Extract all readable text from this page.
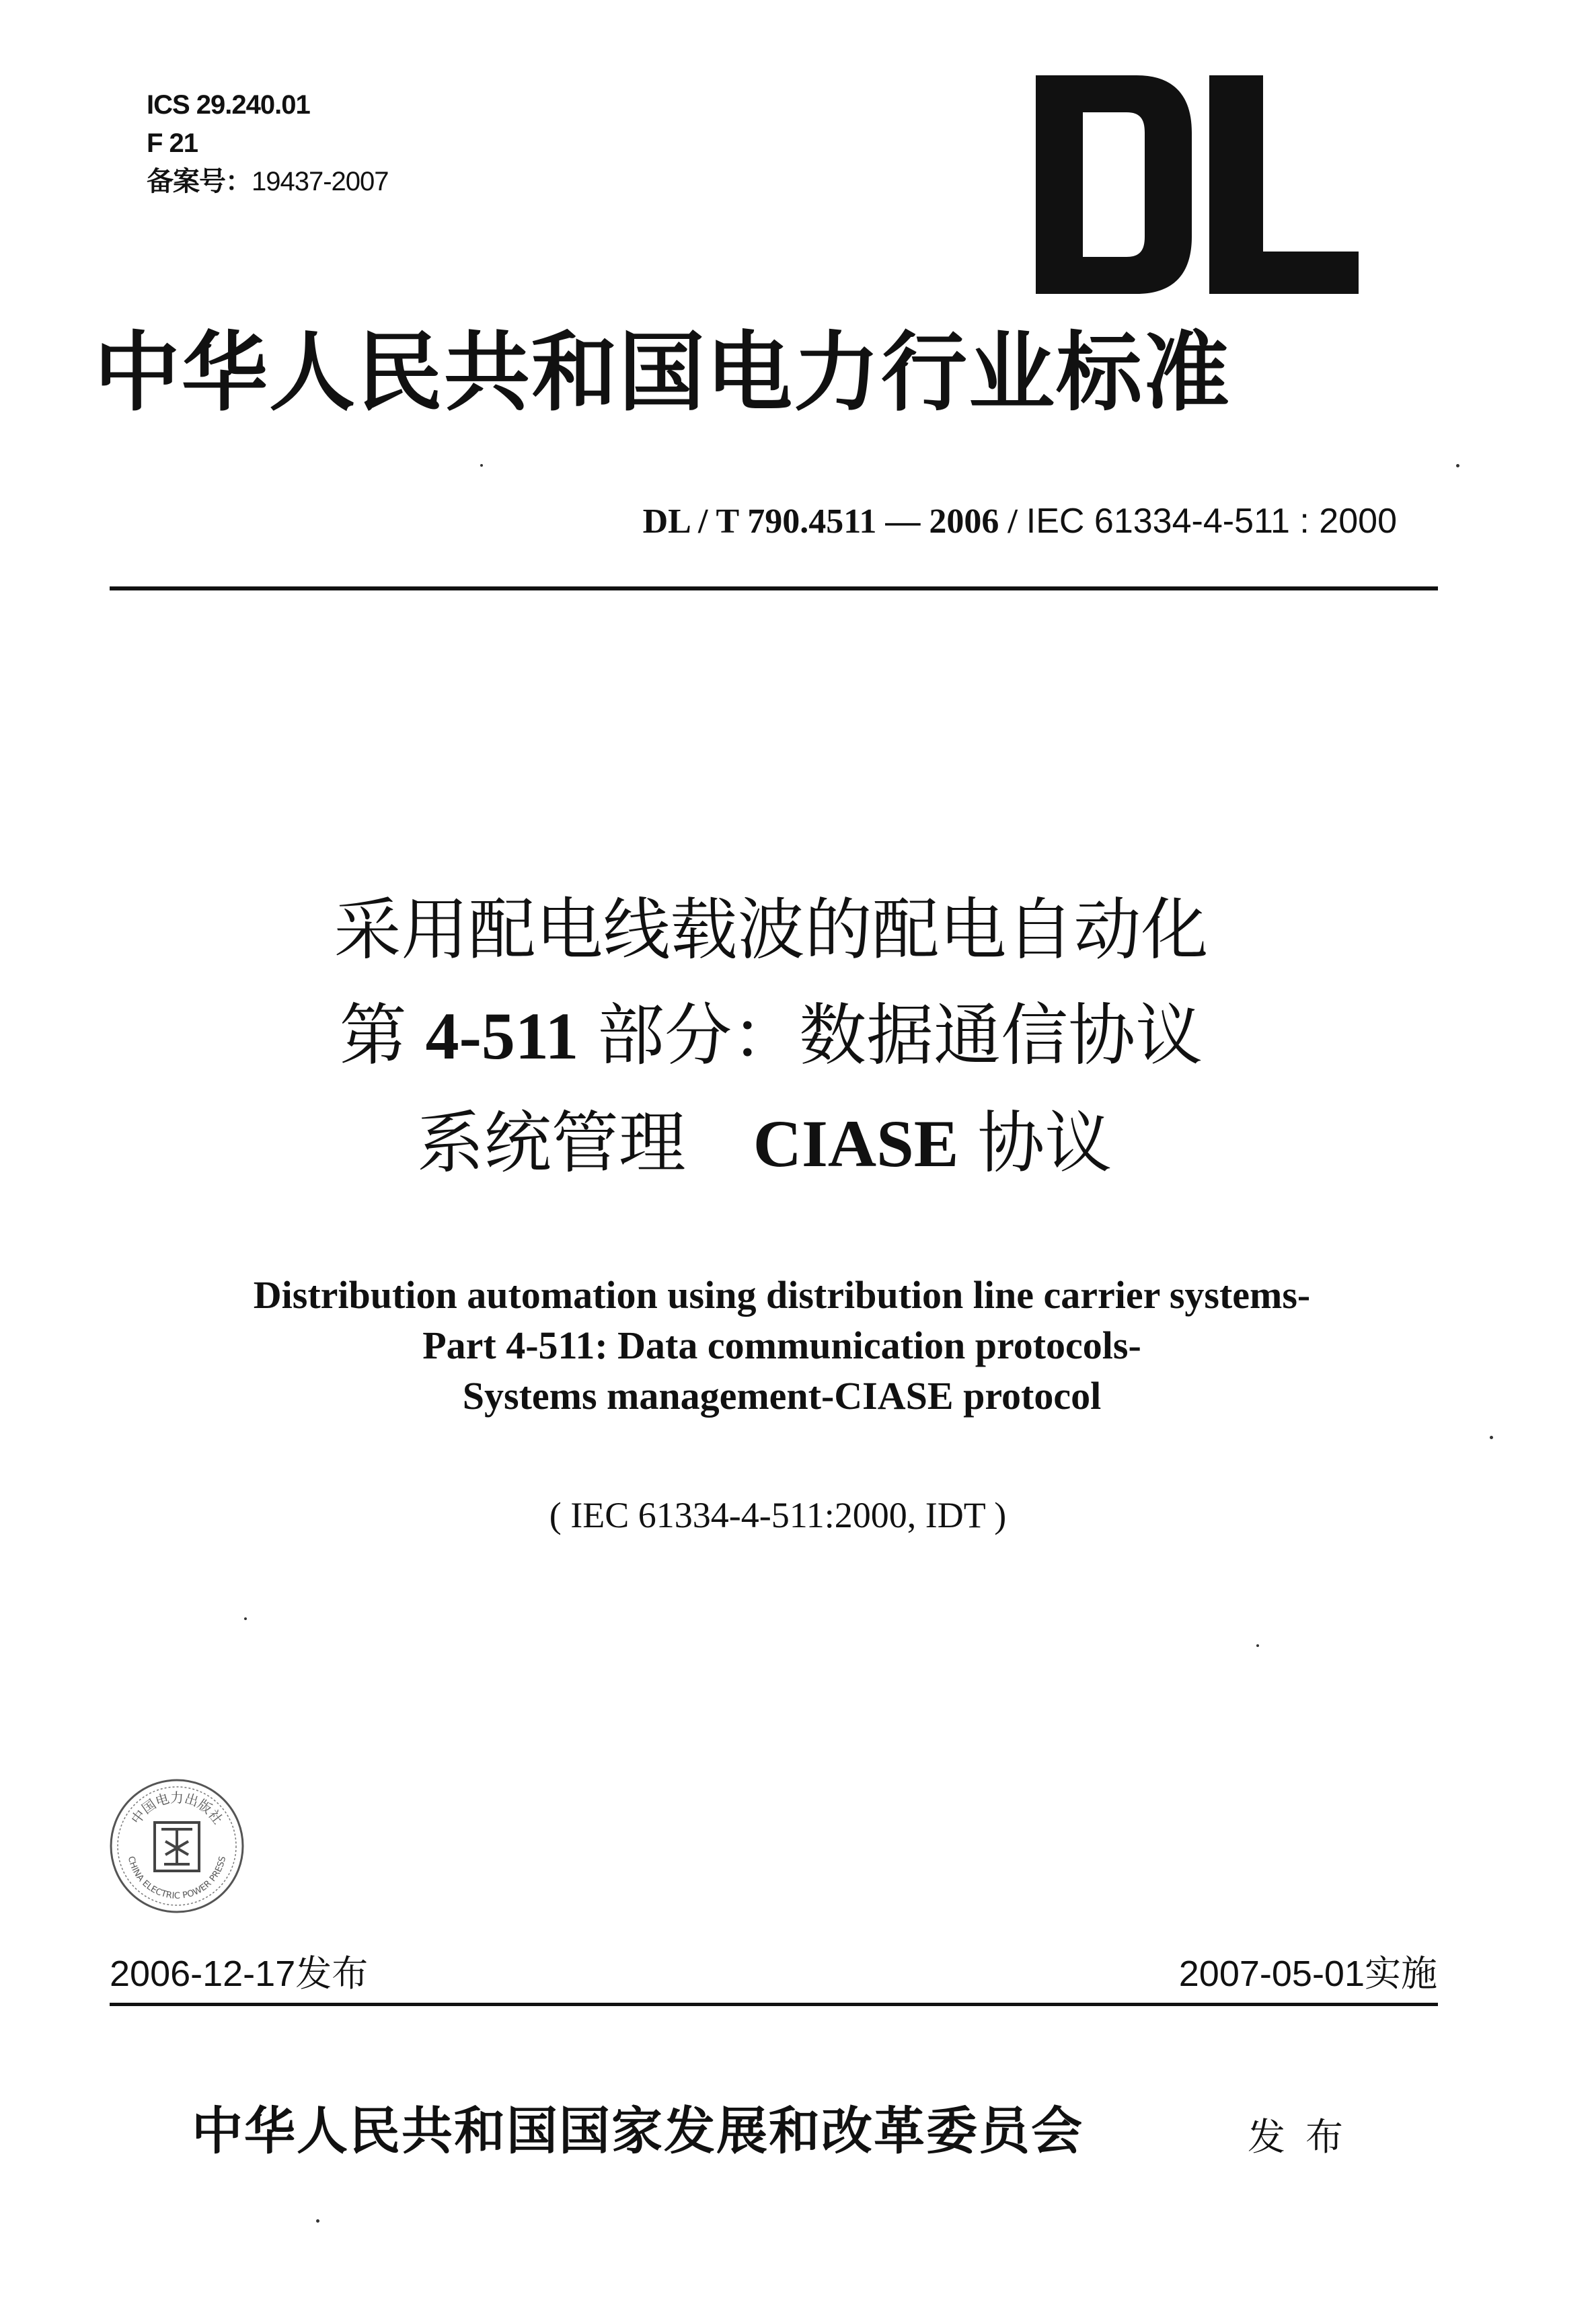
ICS 29.240.01
F 21
备案号：19437-2007
中华人民共和国电力行业标准
DL / T 790.4511 — 2006 / IEC 61334-4-511 : 2000
采用配电线载波的配电自动化
第 4-511 部分：数据通信协议
系统管理　CIASE 协议
Distribution automation using distribution line carrier systems-
Part 4-511: Data communication protocols-
Systems management-CIASE protocol
( IEC 61334-4-511:2000, IDT )
中国电力出版社
CHINA ELECTRIC POWER PRESS
2006-12-17发布	2007-05-01实施
中华人民共和国国家发展和改革委员会	发布
